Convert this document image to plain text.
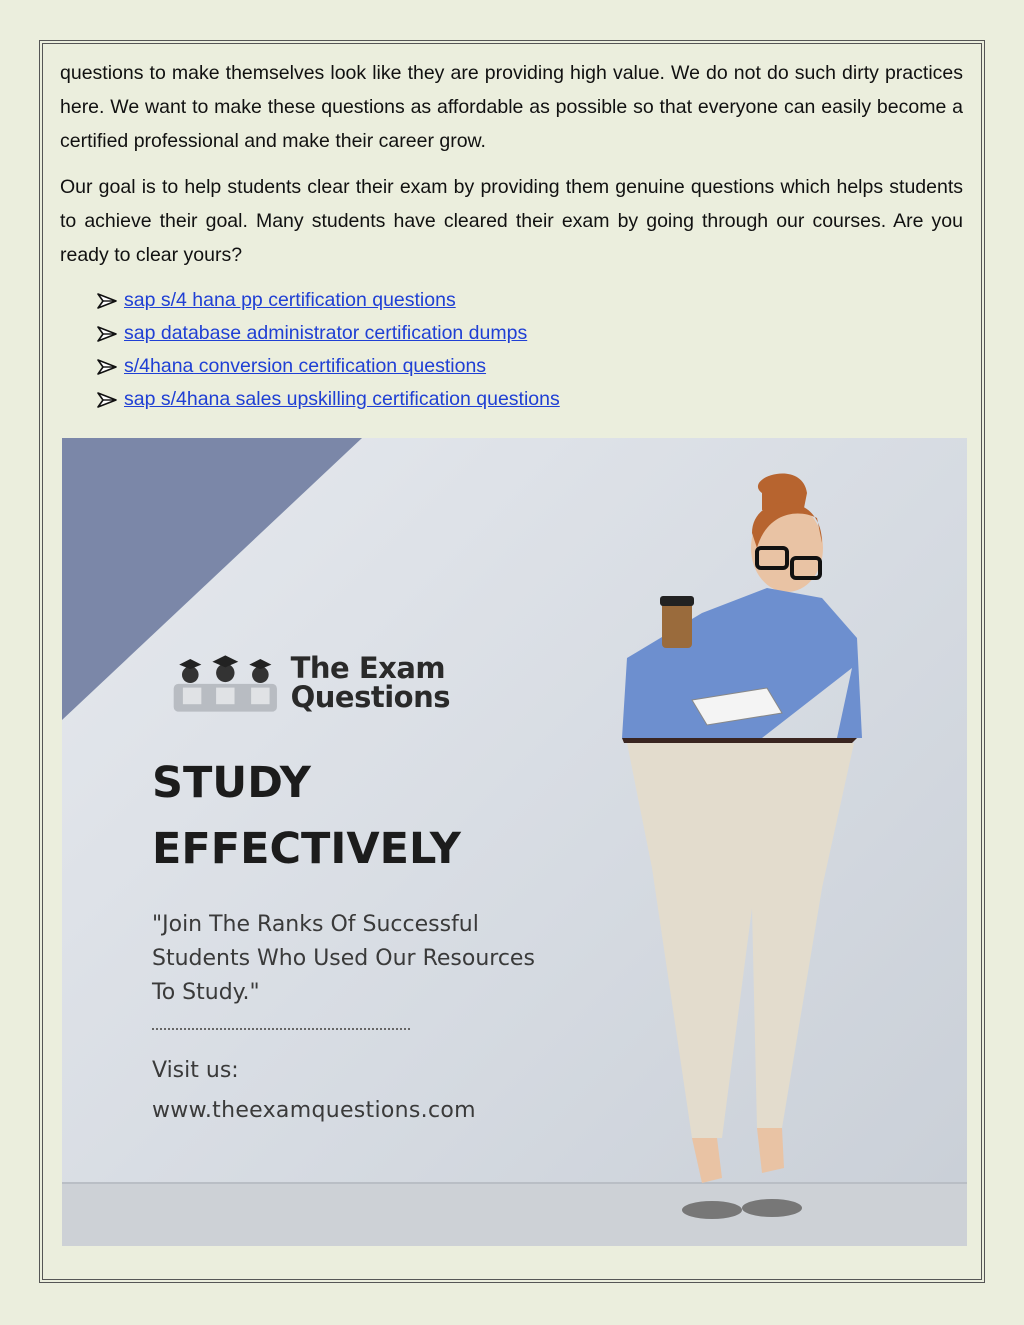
questions to make themselves look like they are providing high value. We do not do such dirty practices here. We want to make these questions as affordable as possible so that everyone can easily become a certified professional and make their career grow.

Our goal is to help students clear their exam by providing them genuine questions which helps students to achieve their goal. Many students have cleared their exam by going through our courses. Are you ready to clear yours?

sap s/4 hana pp certification questions
sap database administrator certification dumps
s/4hana conversion certification questions
sap s/4hana sales upskilling certification questions
The Exam
Questions
STUDY
EFFECTIVELY
"Join The Ranks Of Successful
Students Who Used Our Resources
To Study."
Visit us:
www.theexamquestions.com
